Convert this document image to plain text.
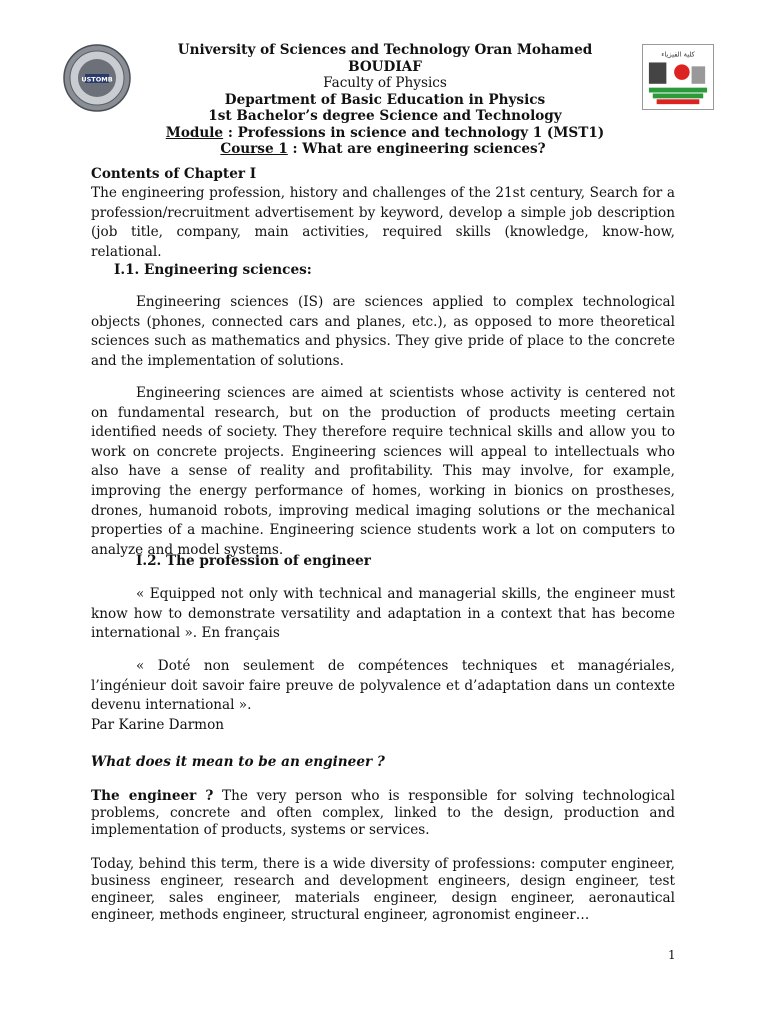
USTOMB
كلية الفيزياء
University of Sciences and Technology Oran Mohamed BOUDIAF
Faculty of Physics
Department of Basic Education in Physics
1st Bachelor’s degree Science and Technology
Module : Professions in science and technology 1 (MST1)
Course 1 : What are engineering sciences?
Contents of Chapter I

The engineering profession, history and challenges of the 21st century, Search for a profession/recruitment advertisement by keyword, develop a simple job description (job title, company, main activities, required skills (knowledge, know-how, relational.

I.1. Engineering sciences:

Engineering sciences (IS) are sciences applied to complex technological objects (phones, connected cars and planes, etc.), as opposed to more theoretical sciences such as mathematics and physics. They give pride of place to the concrete and the implementation of solutions.

Engineering sciences are aimed at scientists whose activity is centered not on fundamental research, but on the production of products meeting certain identified needs of society. They therefore require technical skills and allow you to work on concrete projects. Engineering sciences will appeal to intellectuals who also have a sense of reality and profitability. This may involve, for example, improving the energy performance of homes, working in bionics on prostheses, drones, humanoid robots, improving medical imaging solutions or the mechanical properties of a machine. Engineering science students work a lot on computers to analyze and model systems.

I.2. The profession of engineer

« Equipped not only with technical and managerial skills, the engineer must know how to demonstrate versatility and adaptation in a context that has become international ». En français

« Doté non seulement de compétences techniques et managériales, l’ingénieur doit savoir faire preuve de polyvalence et d’adaptation dans un contexte devenu international ».

Par Karine Darmon
What does it mean to be an engineer ?

The engineer ? The very person who is responsible for solving technological problems, concrete and often complex, linked to the design, production and implementation of products, systems or services.

Today, behind this term, there is a wide diversity of professions: computer engineer, business engineer, research and development engineers, design engineer, test engineer, sales engineer, materials engineer, design engineer, aeronautical engineer, methods engineer, structural engineer, agronomist engineer…

1
